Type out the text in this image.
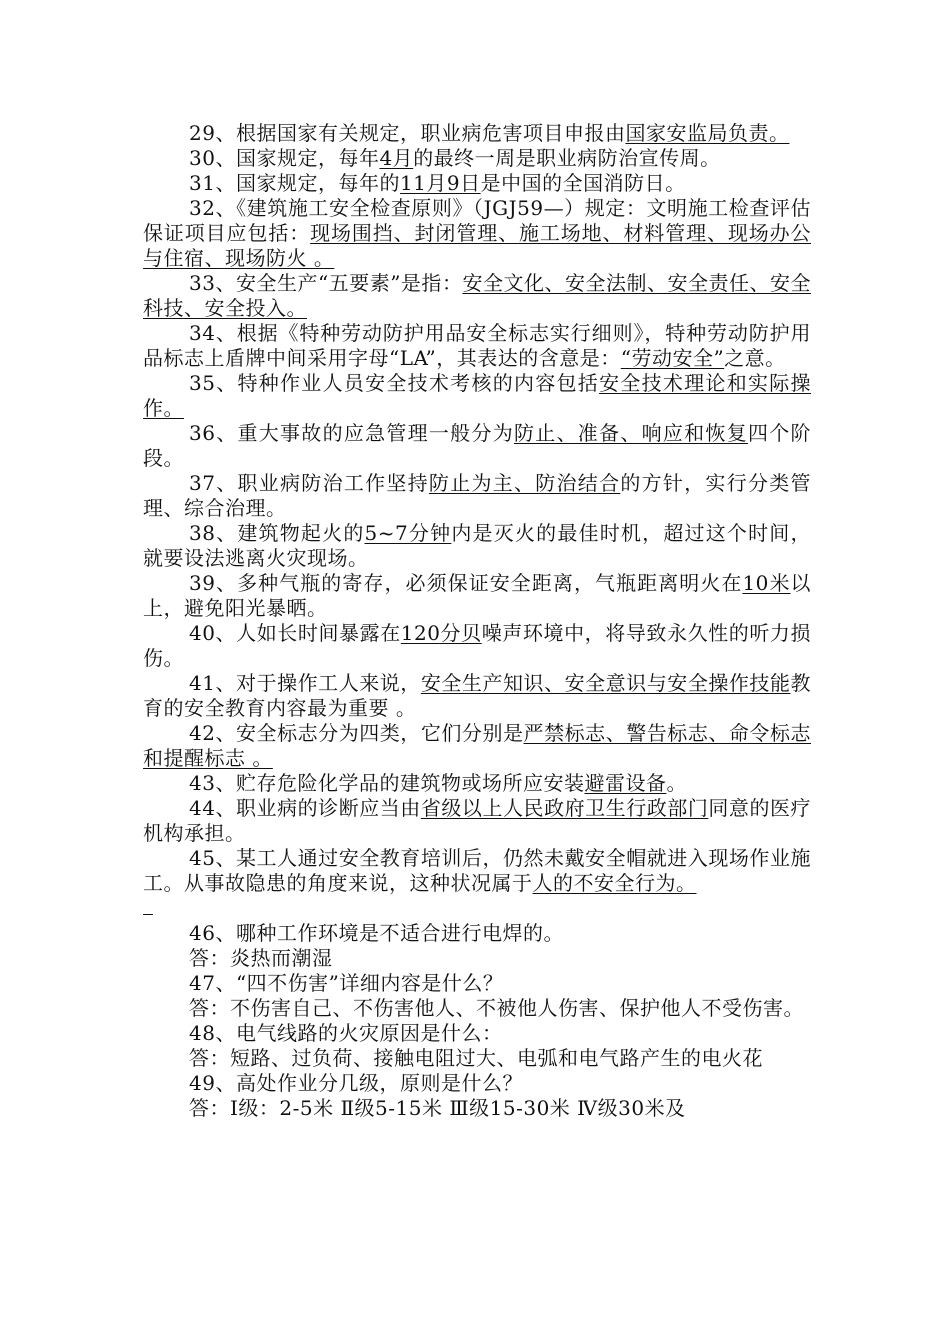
29、根据国家有关规定，职业病危害项目申报由国家安监局负责。

30、国家规定，每年4月的最终一周是职业病防治宣传周。

31、国家规定，每年的11月9日是中国的全国消防日。

32、《建筑施工安全检查原则》（JGJ59—）规定：文明施工检查评估保证项目应包括：现场围挡、封闭管理、施工场地、材料管理、现场办公与住宿、现场防火 。

33、安全生产“五要素”是指：安全文化、安全法制、安全责任、安全科技、安全投入。

34、根据《特种劳动防护用品安全标志实行细则》，特种劳动防护用品标志上盾牌中间采用字母“LA”，其表达的含意是：“劳动安全”之意。

35、特种作业人员安全技术考核的内容包括安全技术理论和实际操作。

36、重大事故的应急管理一般分为防止、准备、响应和恢复四个阶段。

37、职业病防治工作坚持防止为主、防治结合的方针，实行分类管理、综合治理。

38、建筑物起火的5~7分钟内是灭火的最佳时机，超过这个时间，就要设法逃离火灾现场。

39、多种气瓶的寄存，必须保证安全距离，气瓶距离明火在10米以上，避免阳光暴晒。

40、人如长时间暴露在120分贝噪声环境中，将导致永久性的听力损伤。

41、对于操作工人来说，安全生产知识、安全意识与安全操作技能教育的安全教育内容最为重要 。

42、安全标志分为四类，它们分别是严禁标志、警告标志、命令标志和提醒标志 。

43、贮存危险化学品的建筑物或场所应安装避雷设备。

44、职业病的诊断应当由省级以上人民政府卫生行政部门同意的医疗机构承担。

45、某工人通过安全教育培训后，仍然未戴安全帽就进入现场作业施工。从事故隐患的角度来说，这种状况属于人的不安全行为。

46、哪种工作环境是不适合进行电焊的。

答：炎热而潮湿

47、“四不伤害”详细内容是什么？

答：不伤害自己、不伤害他人、不被他人伤害、保护他人不受伤害。

48、电气线路的火灾原因是什么：

答：短路、过负荷、接触电阻过大、电弧和电气路产生的电火花

49、高处作业分几级，原则是什么？

答：Ⅰ级：2-5米 Ⅱ级5-15米 Ⅲ级15-30米 Ⅳ级30米及
